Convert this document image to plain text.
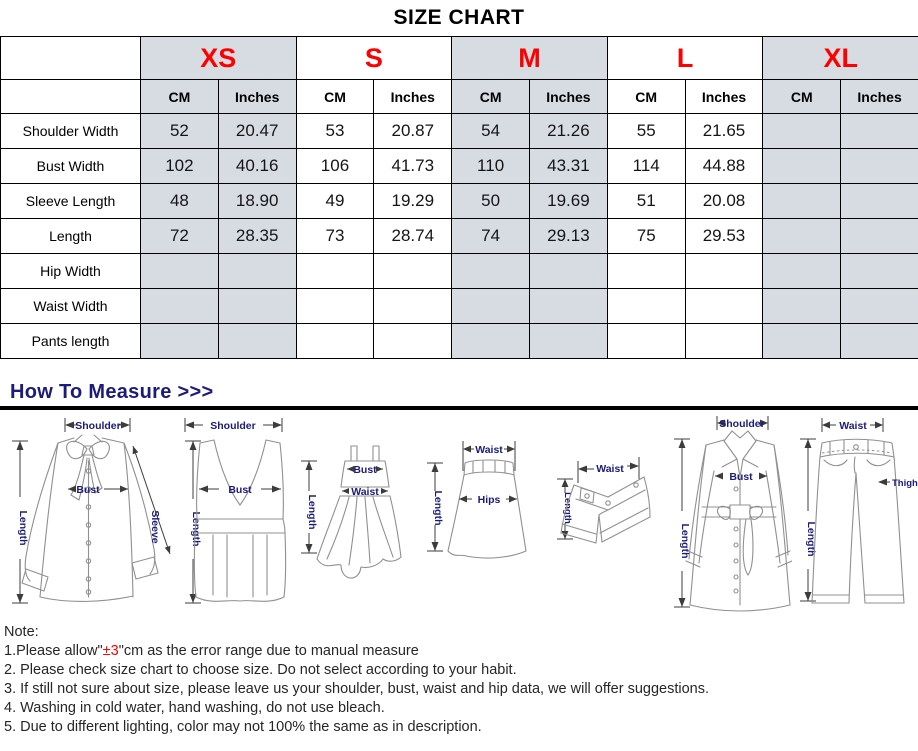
SIZE CHART
	XS		S		M		L		XL	
	CM	Inches	CM	Inches	CM	Inches	CM	Inches	CM	Inches
Shoulder Width	52	20.47	53	20.87	54	21.26	55	21.65		
Bust Width	102	40.16	106	41.73	110	43.31	114	44.88		
Sleeve Length	48	18.90	49	19.29	50	19.69	51	20.08		
Length	72	28.35	73	28.74	74	29.13	75	29.53		
Hip Width										
Waist Width										
Pants length										
How To Measure >>>
Shoulder
Length
Bust
Sleeve
Shoulder
Length
Bust
Length
Bust
Waist
Waist
Length	Hips
Waist
Length
Shoulder
Length
Bust
Waist
Length
Thigh
Note:
1.Please allow"±3"cm as the error range due to manual measure
2. Please check size chart to choose size. Do not select according to your habit.
3. If still not sure about size, please leave us your shoulder, bust, waist and hip data, we will offer suggestions.
4. Washing in cold water, hand washing, do not use bleach.
5. Due to different lighting, color may not 100% the same as in description.
